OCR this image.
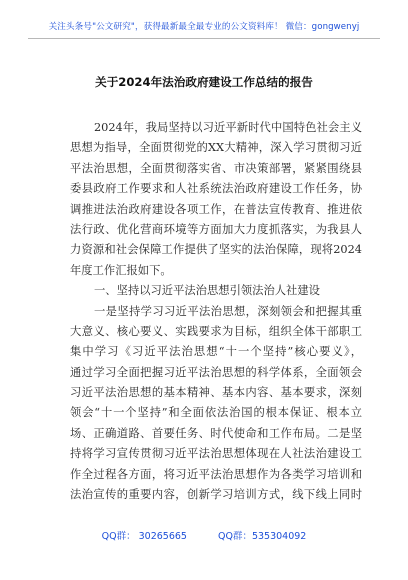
关注头条号"公文研究"，获得最新最全最专业的公文资料库！ 微信：gongwenyj
关于2024年法治政府建设工作总结的报告
2024年，我局坚持以习近平新时代中国特色社会主义
思想为指导，全面贯彻党的XX大精神，深入学习贯彻习近
平法治思想，全面贯彻落实省、市决策部署，紧紧围绕县
委县政府工作要求和人社系统法治政府建设工作任务，协
调推进法治政府建设各项工作，在普法宣传教育、推进依
法行政、优化营商环境等方面加大力度抓落实，为我县人
力资源和社会保障工作提供了坚实的法治保障，现将2024
年度工作汇报如下。
一、坚持以习近平法治思想引领法治人社建设
一是坚持学习习近平法治思想，深刻领会和把握其重
大意义、核心要义、实践要求为目标，组织全体干部职工
集中学习《习近平法治思想“十一个坚持”核心要义》，
通过学习全面把握习近平法治思想的科学体系，全面领会
习近平法治思想的基本精神、基本内容、基本要求，深刻
领会“十一个坚持”和全面依法治国的根本保证、根本立
场、正确道路、首要任务、时代使命和工作布局。二是坚
持将学习宣传贯彻习近平法治思想体现在人社法治建设工
作全过程各方面，将习近平法治思想作为各类学习培训和
法治宣传的重要内容，创新学习培训方式，线下线上同时
QQ群： 30265665	QQ群：535304092
